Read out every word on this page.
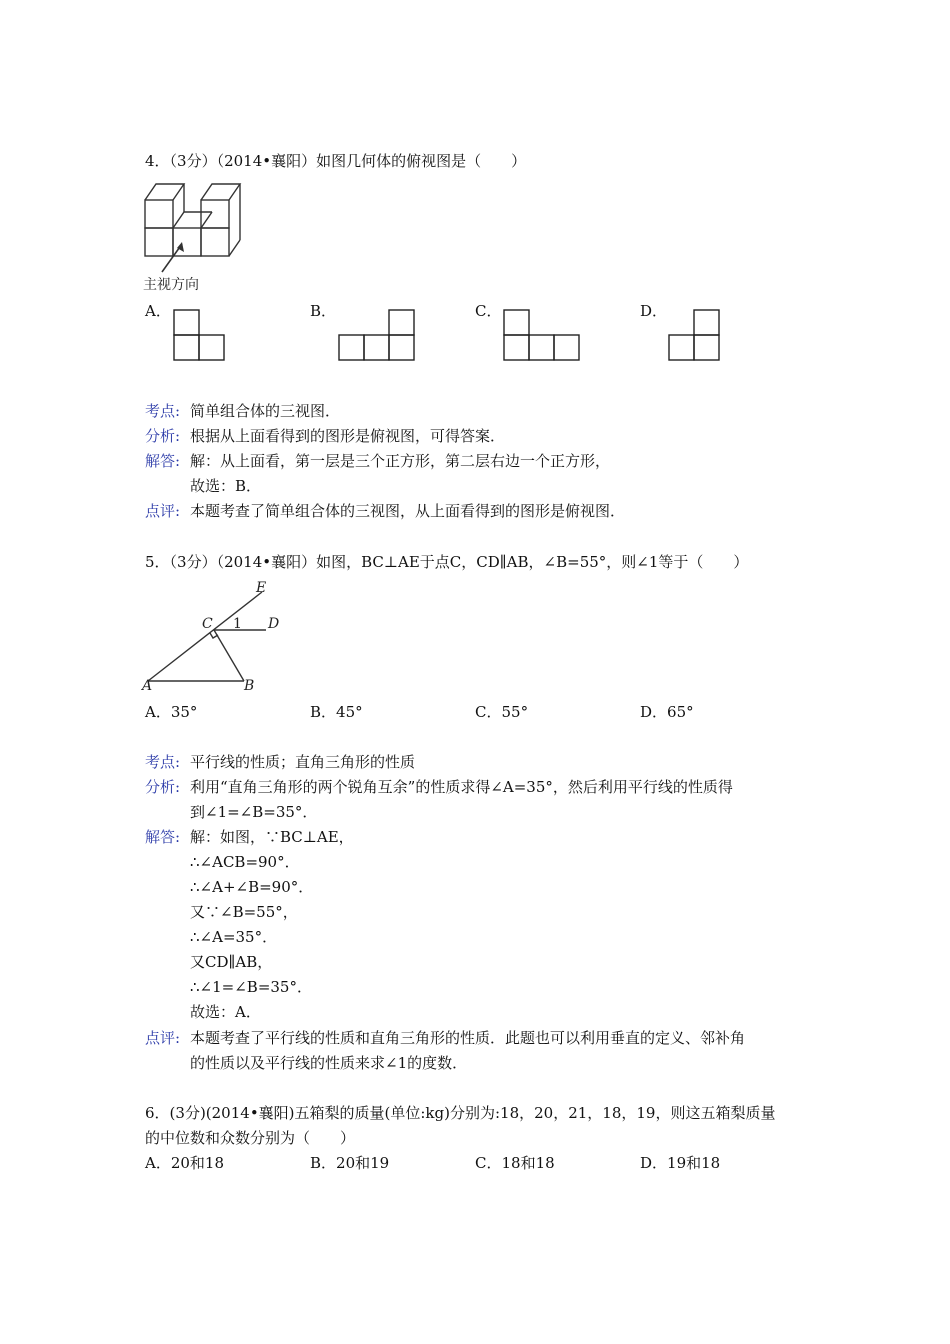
4．（3分）（2014•襄阳）如图几何体的俯视图是（　　）
主视方向
A．	B．	C．	D．
考点: 简单组合体的三视图．
分析: 根据从上面看得到的图形是俯视图，可得答案．
解答: 解：从上面看，第一层是三个正方形，第二层右边一个正方形，
故选：B．
点评: 本题考查了简单组合体的三视图，从上面看得到的图形是俯视图．
5．（3分）（2014•襄阳）如图，BC⊥AE于点C，CD∥AB，∠B=55°，则∠1等于（　　）
E
C 1 D
A	B
A．35°	B．45°	C．55°	D．65°
考点: 平行线的性质；直角三角形的性质
分析: 利用“直角三角形的两个锐角互余”的性质求得∠A=35°，然后利用平行线的性质得
到∠1=∠B=35°．
解答: 解：如图，∵BC⊥AE，
∴∠ACB=90°．
∴∠A+∠B=90°．
又∵∠B=55°，
∴∠A=35°．
又CD∥AB，
∴∠1=∠B=35°．
故选：A．
点评: 本题考查了平行线的性质和直角三角形的性质．此题也可以利用垂直的定义、邻补角
的性质以及平行线的性质来求∠1的度数．
6．(3分)(2014•襄阳)五箱梨的质量(单位:kg)分别为:18，20，21，18，19，则这五箱梨质量
的中位数和众数分别为（　　）
A．20和18	B．20和19	C．18和18	D．19和18
